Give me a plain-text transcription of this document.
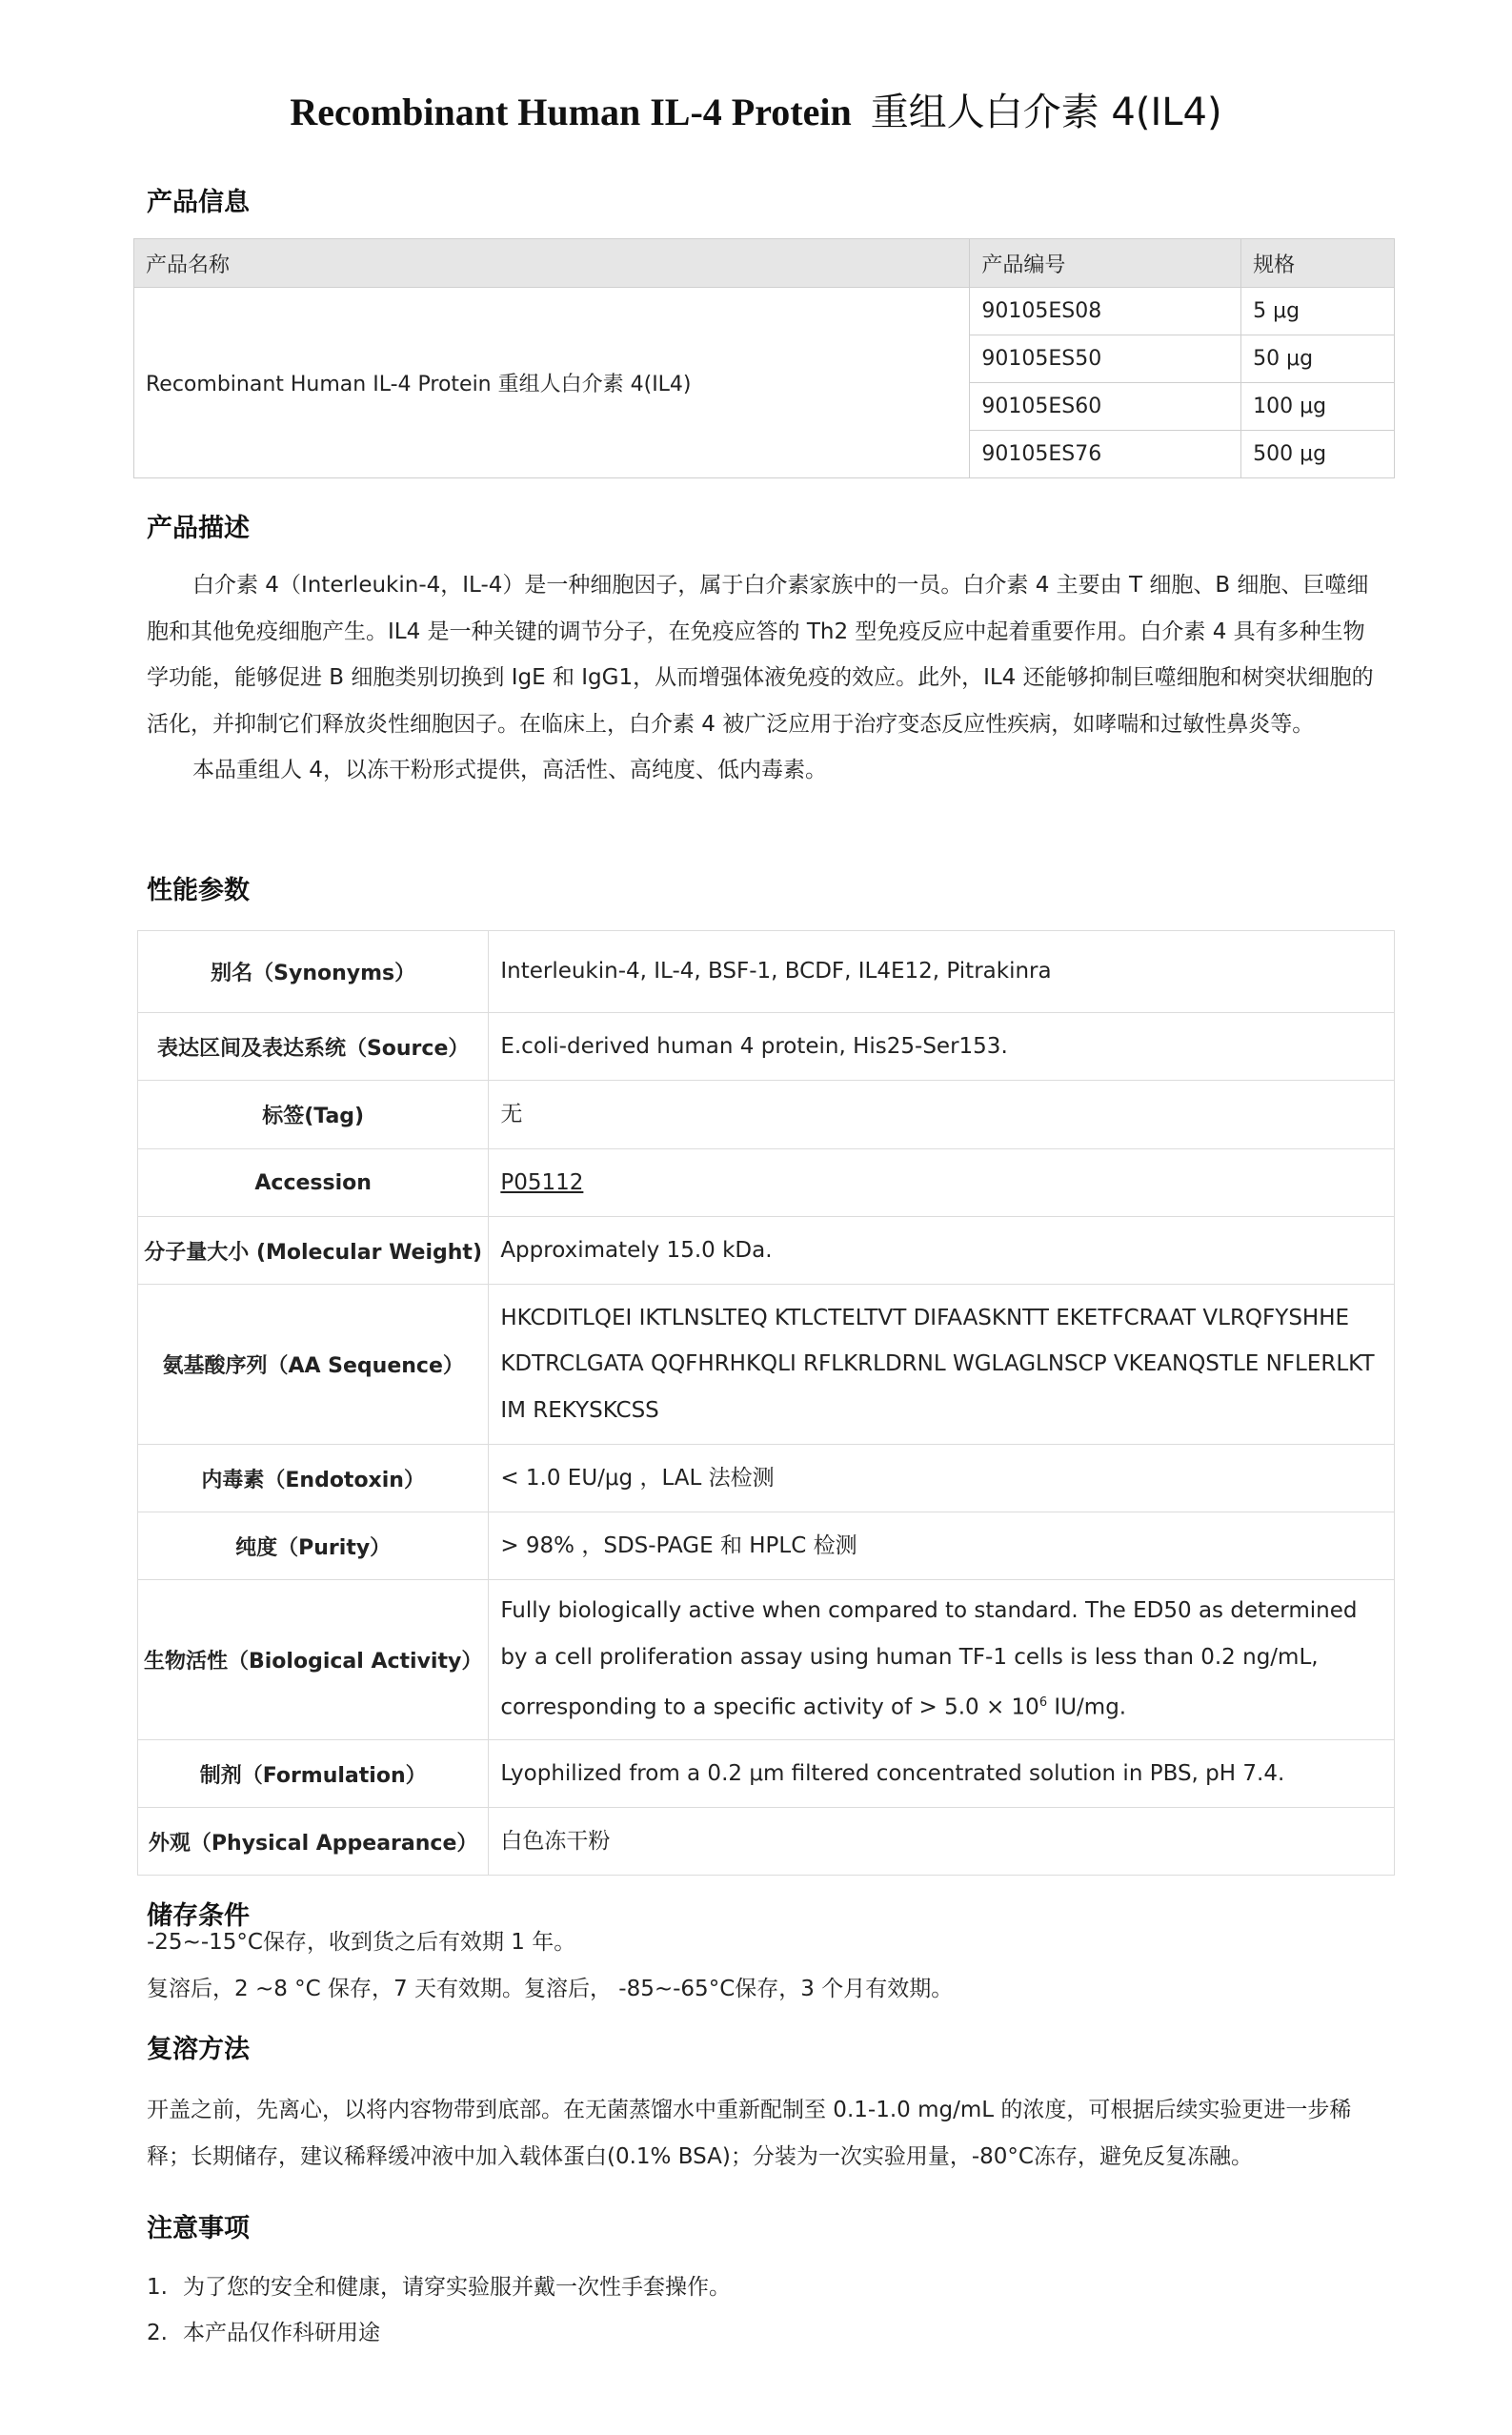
Recombinant Human IL-4 Protein 重组人白介素 4(IL4)
产品信息
产品名称	产品编号	规格
Recombinant Human IL-4 Protein 重组人白介素 4(IL4)	90105ES08	5 μg
	90105ES50	50 μg
	90105ES60	100 μg
	90105ES76	500 μg
产品描述

白介素 4（Interleukin-4，IL-4）是一种细胞因子，属于白介素家族中的一员。白介素 4 主要由 T 细胞、B 细胞、巨噬细胞和其他免疫细胞产生。IL4 是一种关键的调节分子，在免疫应答的 Th2 型免疫反应中起着重要作用。白介素 4 具有多种生物学功能，能够促进 B 细胞类别切换到 IgE 和 IgG1，从而增强体液免疫的效应。此外，IL4 还能够抑制巨噬细胞和树突状细胞的活化，并抑制它们释放炎性细胞因子。在临床上，白介素 4 被广泛应用于治疗变态反应性疾病，如哮喘和过敏性鼻炎等。

本品重组人 4，以冻干粉形式提供，高活性、高纯度、低内毒素。

性能参数
别名（Synonyms）	Interleukin-4, IL-4, BSF-1, BCDF, IL4E12, Pitrakinra
表达区间及表达系统（Source）	E.coli-derived human 4 protein, His25-Ser153.
标签(Tag)	无
Accession	P05112
分子量大小 (Molecular Weight)	Approximately 15.0 kDa.
氨基酸序列（AA Sequence）	HKCDITLQEI IKTLNSLTEQ KTLCTELTVT DIFAASKNTT EKETFCRAAT VLRQFYSHHE KDTRCLGATA QQFHRHKQLI RFLKRLDRNL WGLAGLNSCP VKEANQSTLE NFLERLKT IM REKYSKCSS
内毒素（Endotoxin）	< 1.0 EU/μg ，LAL 法检测
纯度（Purity）	> 98% ，SDS-PAGE 和 HPLC 检测
生物活性（Biological Activity）	Fully biologically active when compared to standard. The ED50 as determined by a cell proliferation assay using human TF-1 cells is less than 0.2 ng/mL, corresponding to a specific activity of > $5.0 \times 10^6$ IU/mg.
制剂（Formulation）	Lyophilized from a 0.2 μm filtered concentrated solution in PBS, pH 7.4.
外观（Physical Appearance）	白色冻干粉
储存条件

-25~-15°C保存，收到货之后有效期 1 年。

复溶后，2 ~8 °C 保存，7 天有效期。复溶后， -85~-65°C保存，3 个月有效期。

复溶方法
开盖之前，先离心，以将内容物带到底部。在无菌蒸馏水中重新配制至 0.1-1.0 mg/mL 的浓度，可根据后续实验更进一步稀释；长期储存，建议稀释缓冲液中加入载体蛋白(0.1% BSA)；分装为一次实验用量，-80°C冻存，避免反复冻融。
注意事项
1. 为了您的安全和健康，请穿实验服并戴一次性手套操作。
2. 本产品仅作科研用途
